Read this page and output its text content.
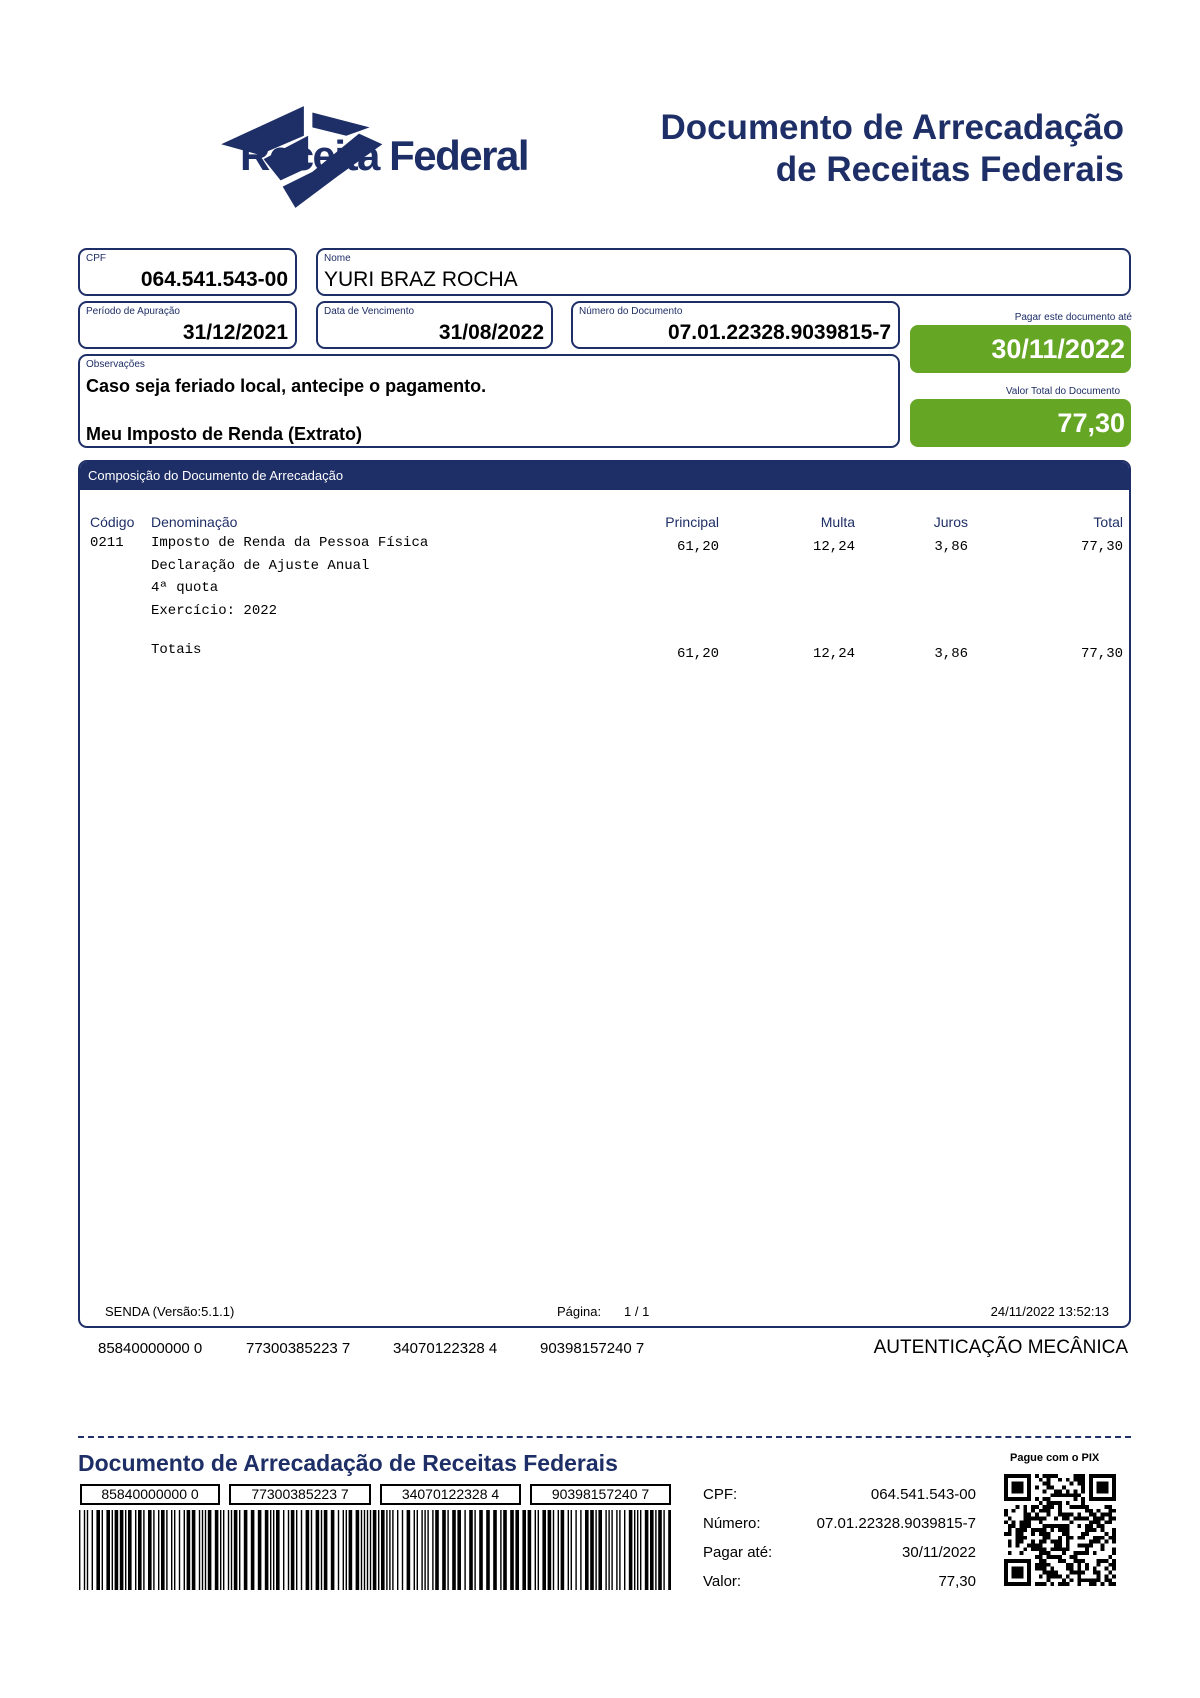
Receita Federal
Documento de Arrecadação
de Receitas Federais
CPF
064.541.543-00
Nome
YURI BRAZ ROCHA
Período de Apuração
31/12/2021
Data de Vencimento
31/08/2022
Número do Documento
07.01.22328.9039815-7
Observações
Caso seja feriado local, antecipe o pagamento.
Meu Imposto de Renda (Extrato)
Pagar este documento até
30/11/2022
Valor Total do Documento
77,30
Composição do Documento de Arrecadação
Código Denominação	Principal	Multa	Juros	Total
0211 Imposto de Renda da Pessoa Física
Declaração de Ajuste Anual
4ª quota
Exercício: 2022
61,20	12,24	3,86	77,30
Totais	61,20	12,24	3,86	77,30
SENDA (Versão:5.1.1)	Página: 1 / 1	24/11/2022 13:52:13
85840000000 0	77300385223 7	34070122328 4	90398157240 7	AUTENTICAÇÃO MECÂNICA
Documento de Arrecadação de Receitas Federais
85840000000 0	77300385223 7	34070122328 4	90398157240 7	CPF:	064.541.543-00
Número:	07.01.22328.9039815-7
Pagar até:	30/11/2022
Valor:	77,30
Pague com o PIX
